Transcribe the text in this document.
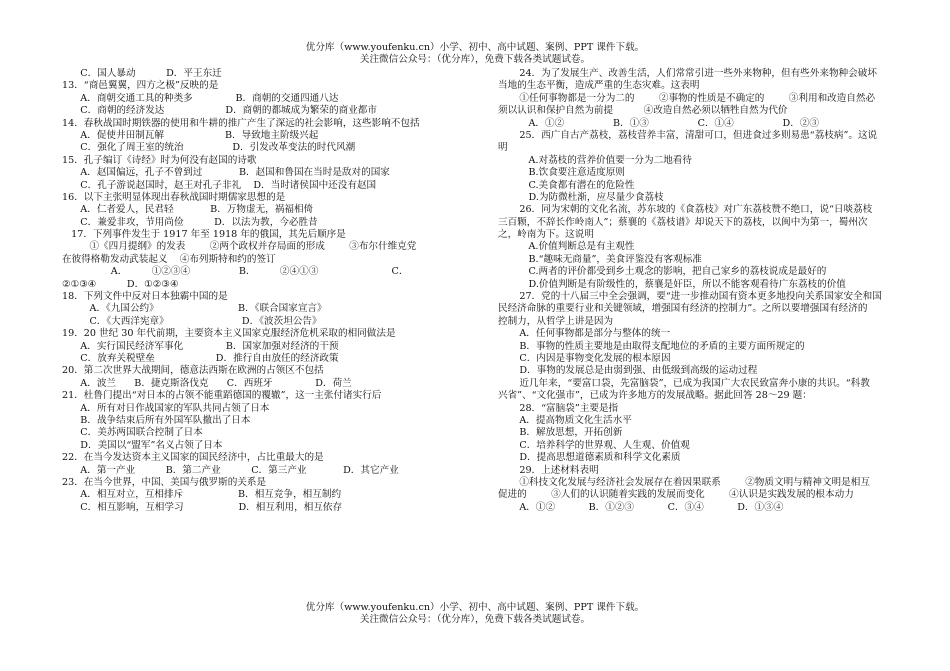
优分库（www.youfenku.cn）小学、初中、高中试题、案例、PPT 课件下载。
关注微信公众号：（优分库），免费下载各类试题试卷。
C．国人暴动          D．平王东迁
13．“商邑翼翼，四方之极”反映的是
A．商朝交通工具的种类多              B．商朝的交通四通八达
C．商朝的经济发达                    D．商朝的都城成为繁荣的商业都市
14．春秋战国时期铁器的使用和牛耕的推广产生了深远的社会影响，这些影响不包括
A．促使井田制瓦解                    B．导致地主阶级兴起
C．强化了周王室的统治                D．引发改革变法的时代风潮
15．孔子编订《诗经》时为何没有赵国的诗歌
A．赵国偏远，孔子不曾到过            B．赵国和鲁国在当时是敌对的国家
C．孔子游说赵国时，赵王对孔子非礼    D．当时诸侯国中还没有赵国
16．以下主张明显体现出春秋战国时期儒家思想的是
A．仁者爱人，民君轻            B．万物虚无，祸福相倚
C．兼爱非攻，节用尚俭          D．以法为教，今必胜昔
17．下列事件发生于 1917 年至 1918 年的俄国，其先后顺序是
①《四月提纲》的发表        ②两个政权并存局面的形成        ③布尔什维克党
在彼得格勒发动武装起义    ④布列斯特和约的签订
A．        ①②③④                B．        ②④①③                        C．
②①③④          D．①②③④
18．下列文件中反对日本独霸中国的是
A．《九国公约》                          B．《联合国家宣言》
C．《大西洋宪章》                        D．《波茨坦公告》
19．20 世纪 30 年代前期，主要资本主义国家克服经济危机采取的相同做法是
A．实行国民经济军事化              B．国家加强对经济的干预
C．放弃关税壁垒                    D．推行自由放任的经济政策
20．第二次世界大战期间，德意法西斯在欧洲的占领区不包括
A．波兰      B．捷克斯洛伐克      C．西班牙              D．荷兰
21．杜鲁门提出“对日本的占领不能重蹈德国的覆辙”，这一主张付诸实行后
A．所有对日作战国家的军队共同占领了日本
B．战争结束后所有外国军队撤出了日本
C．美苏两国联合控制了日本
D．美国以“盟军”名义占领了日本
22．在当今发达资本主义国家的国民经济中，占比重最大的是
A．第一产业          B．第二产业          C．第三产业            D．其它产业
23．在当今世界，中国、美国与俄罗斯的关系是
A．相互对立，互相排斥                  B．相互竞争，相互制约
C．相互影响，互相学习                  D．相互利用，相互依存
24．为了发展生产、改善生活，人们常常引进一些外来物种，但有些外来物种会破坏
当地的生态平衡，造成严重的生态灾难。这表明
①任何事物都是一分为二的        ②事物的性质是不确定的        ③利用和改造自然必
须以认识和保护自然为前提          ④改造自然必须以牺牲自然为代价
A．①②                B．①③                C．①④                D．②③
25．西广自古产荔枝，荔枝营养丰富，清甜可口，但进食过多则易患“荔枝病”。这说
明
A.对荔枝的营养价值要一分为二地看待
B.饮食要注意适度原则
C.美食都有潜在的危险性
D.为防微杜渐，应尽量少食荔枝
26．同为宋朝的文化名流，苏东坡的《食荔枝》对广东荔枝赞不绝口，说“日啖荔枝
三百颗，不辞长作岭南人”；蔡襄的《荔枝谱》却说天下的荔枝，以闽中为第一，蜀州次
之，岭南为下。这说明
A.价值判断总是有主观性
B.“趣味无商量”，美食评鉴没有客观标准
C.两者的评价都受到乡土观念的影响，把自己家乡的荔枝说成是最好的
D.价值判断是有阶级性的，蔡襄是奸臣，所以不能客观看待广东荔枝的价值
27．党的十八届三中全会强调，要“进一步推动国有资本更多地投向关系国家安全和国
民经济命脉的重要行业和关键领域，增强国有经济的控制力”。之所以要增强国有经济的
控制力，从哲学上讲是因为
A．任何事物都是部分与整体的统一
B．事物的性质主要地是由取得支配地位的矛盾的主要方面所规定的
C．内因是事物变化发展的根本原因
D．事物的发展总是由弱到强、由低级到高级的运动过程
近几年来，“要富口袋，先富脑袋”，已成为我国广大农民致富奔小康的共识。“科教
兴省”、“文化强市”，已成为许多地方的发展战略。据此回答 28～29 题：
28．“富脑袋”主要是指
A．提高物质文化生活水平
B．解放思想，开拓创新
C．培养科学的世界观、人生观、价值观
D．提高思想道德素质和科学文化素质
29．上述材料表明
①科技文化发展与经济社会发展存在着因果联系        ②物质文明与精神文明是相互
促进的        ③人们的认识随着实践的发展而变化        ④认识是实践发展的根本动力
A．①②           B．①②③           C．③④           D．①③④
优分库（www.youfenku.cn）小学、初中、高中试题、案例、PPT 课件下载。
关注微信公众号：（优分库），免费下载各类试题试卷。
